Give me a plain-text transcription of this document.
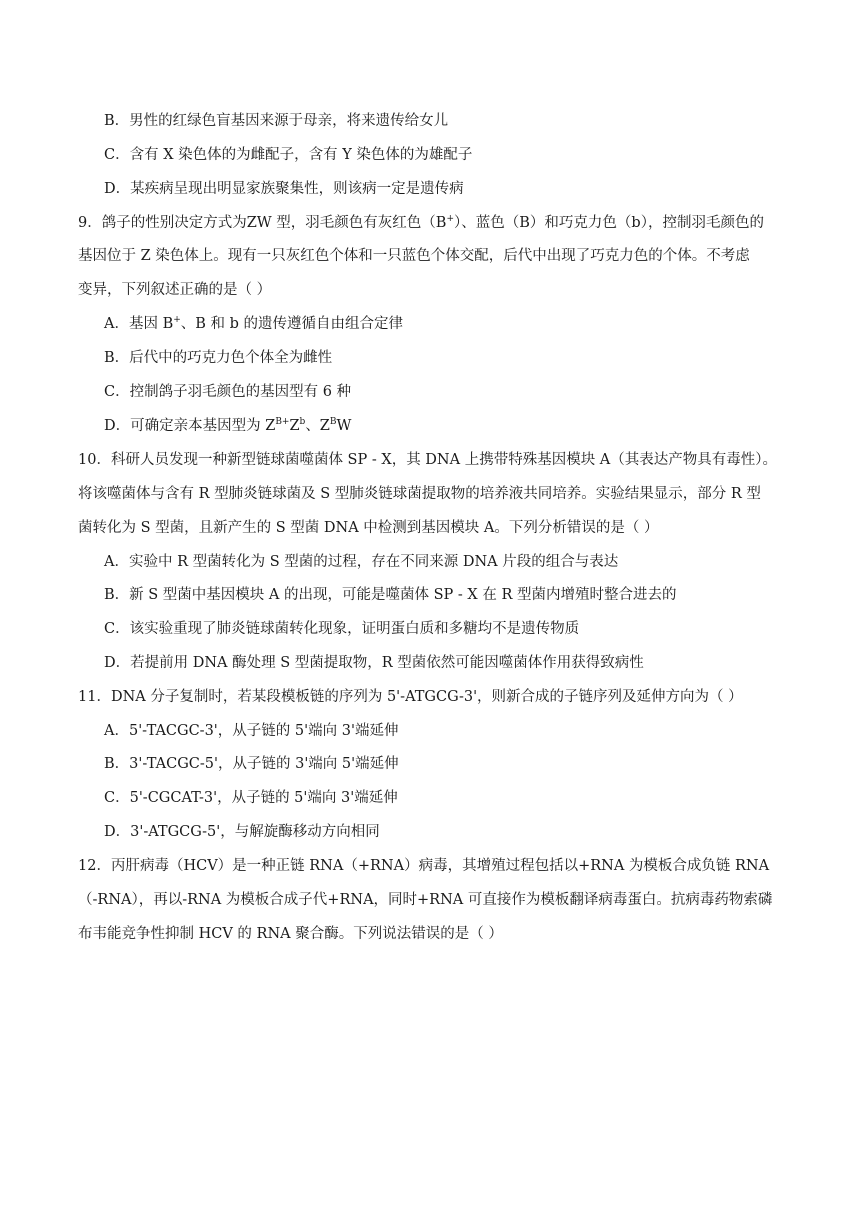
B．男性的红绿色盲基因来源于母亲，将来遗传给女儿
C．含有 X 染色体的为雌配子，含有 Y 染色体的为雄配子
D．某疾病呈现出明显家族聚集性，则该病一定是遗传病
9．鸽子的性别决定方式为ZW 型，羽毛颜色有灰红色（B+）、蓝色（B）和巧克力色（b），控制羽毛颜色的
基因位于 Z 染色体上。现有一只灰红色个体和一只蓝色个体交配，后代中出现了巧克力色的个体。不考虑
变异，下列叙述正确的是（ ）
A．基因 B+、B 和 b 的遗传遵循自由组合定律
B．后代中的巧克力色个体全为雌性
C．控制鸽子羽毛颜色的基因型有 6 种
D．可确定亲本基因型为 $Z^{B+}Z^b$、$Z^BW$
10．科研人员发现一种新型链球菌噬菌体 SP - X，其 DNA 上携带特殊基因模块 A（其表达产物具有毒性）。
将该噬菌体与含有 R 型肺炎链球菌及 S 型肺炎链球菌提取物的培养液共同培养。实验结果显示，部分 R 型
菌转化为 S 型菌，且新产生的 S 型菌 DNA 中检测到基因模块 A。下列分析错误的是（ ）
A．实验中 R 型菌转化为 S 型菌的过程，存在不同来源 DNA 片段的组合与表达
B．新 S 型菌中基因模块 A 的出现，可能是噬菌体 SP - X 在 R 型菌内增殖时整合进去的
C．该实验重现了肺炎链球菌转化现象，证明蛋白质和多糖均不是遗传物质
D．若提前用 DNA 酶处理 S 型菌提取物，R 型菌依然可能因噬菌体作用获得致病性
11．DNA 分子复制时，若某段模板链的序列为 5'-ATGCG-3'，则新合成的子链序列及延伸方向为（ ）
A．5'-TACGC-3'，从子链的 5'端向 3'端延伸
B．3'-TACGC-5'，从子链的 3'端向 5'端延伸
C．5'-CGCAT-3'，从子链的 5'端向 3'端延伸
D．3'-ATGCG-5'，与解旋酶移动方向相同
12．丙肝病毒（HCV）是一种正链 RNA（+RNA）病毒，其增殖过程包括以+RNA 为模板合成负链 RNA
（-RNA），再以-RNA 为模板合成子代+RNA，同时+RNA 可直接作为模板翻译病毒蛋白。抗病毒药物索磷
布韦能竞争性抑制 HCV 的 RNA 聚合酶。下列说法错误的是（ ）
